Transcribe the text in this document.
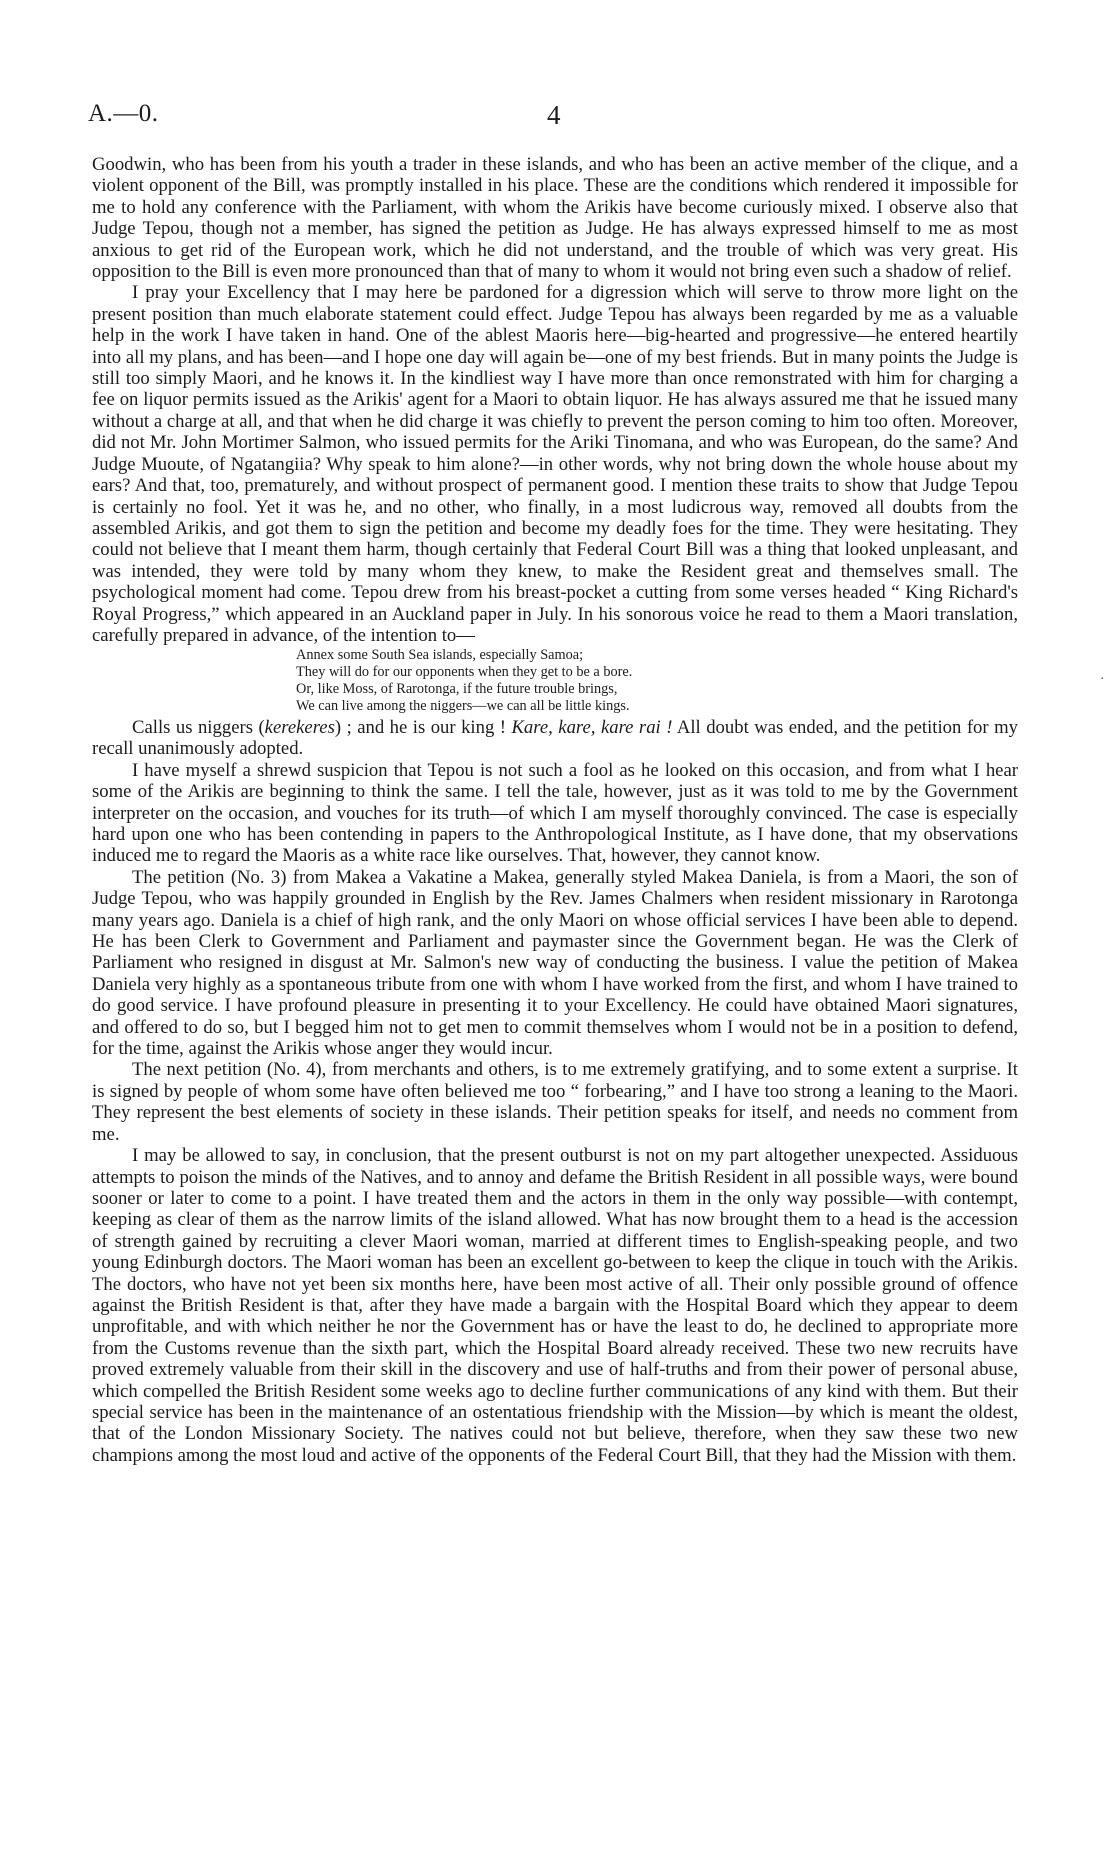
A.—0.	4

Goodwin, who has been from his youth a trader in these islands, and who has been an active member of the clique, and a violent opponent of the Bill, was promptly installed in his place. These are the conditions which rendered it impossible for me to hold any conference with the Parliament, with whom the Arikis have become curiously mixed. I observe also that Judge Tepou, though not a member, has signed the petition as Judge. He has always expressed himself to me as most anxious to get rid of the European work, which he did not understand, and the trouble of which was very great. His opposition to the Bill is even more pronounced than that of many to whom it would not bring even such a shadow of relief.

I pray your Excellency that I may here be pardoned for a digression which will serve to throw more light on the present position than much elaborate statement could effect. Judge Tepou has always been regarded by me as a valuable help in the work I have taken in hand. One of the ablest Maoris here—big-hearted and progressive—he entered heartily into all my plans, and has been—and I hope one day will again be—one of my best friends. But in many points the Judge is still too simply Maori, and he knows it. In the kindliest way I have more than once remonstrated with him for charging a fee on liquor permits issued as the Arikis' agent for a Maori to obtain liquor. He has always assured me that he issued many without a charge at all, and that when he did charge it was chiefly to prevent the person coming to him too often. Moreover, did not Mr. John Mortimer Salmon, who issued permits for the Ariki Tinomana, and who was European, do the same? And Judge Muoute, of Ngatangiia? Why speak to him alone?—in other words, why not bring down the whole house about my ears? And that, too, prematurely, and without prospect of permanent good. I mention these traits to show that Judge Tepou is certainly no fool. Yet it was he, and no other, who finally, in a most ludicrous way, removed all doubts from the assembled Arikis, and got them to sign the petition and become my deadly foes for the time. They were hesitating. They could not believe that I meant them harm, though certainly that Federal Court Bill was a thing that looked unpleasant, and was intended, they were told by many whom they knew, to make the Resident great and themselves small. The psychological moment had come. Tepou drew from his breast-pocket a cutting from some verses headed “ King Richard's Royal Progress,” which appeared in an Auckland paper in July. In his sonorous voice he read to them a Maori translation, carefully prepared in advance, of the intention to—

Annex some South Sea islands, especially Samoa;
They will do for our opponents when they get to be a bore.
Or, like Moss, of Rarotonga, if the future trouble brings,
We can live among the niggers—we can all be little kings.

Calls us niggers (kerekeres) ; and he is our king ! Kare, kare, kare rai ! All doubt was ended, and the petition for my recall unanimously adopted.

I have myself a shrewd suspicion that Tepou is not such a fool as he looked on this occasion, and from what I hear some of the Arikis are beginning to think the same. I tell the tale, however, just as it was told to me by the Government interpreter on the occasion, and vouches for its truth—of which I am myself thoroughly convinced. The case is especially hard upon one who has been contending in papers to the Anthropological Institute, as I have done, that my observations induced me to regard the Maoris as a white race like ourselves. That, however, they cannot know.

The petition (No. 3) from Makea a Vakatine a Makea, generally styled Makea Daniela, is from a Maori, the son of Judge Tepou, who was happily grounded in English by the Rev. James Chalmers when resident missionary in Rarotonga many years ago. Daniela is a chief of high rank, and the only Maori on whose official services I have been able to depend. He has been Clerk to Government and Parliament and paymaster since the Government began. He was the Clerk of Parliament who resigned in disgust at Mr. Salmon's new way of conducting the business. I value the petition of Makea Daniela very highly as a spontaneous tribute from one with whom I have worked from the first, and whom I have trained to do good service. I have profound pleasure in presenting it to your Excellency. He could have obtained Maori signatures, and offered to do so, but I begged him not to get men to commit themselves whom I would not be in a position to defend, for the time, against the Arikis whose anger they would incur.

The next petition (No. 4), from merchants and others, is to me extremely gratifying, and to some extent a surprise. It is signed by people of whom some have often believed me too “ forbearing,” and I have too strong a leaning to the Maori. They represent the best elements of society in these islands. Their petition speaks for itself, and needs no comment from me.

I may be allowed to say, in conclusion, that the present outburst is not on my part altogether unexpected. Assiduous attempts to poison the minds of the Natives, and to annoy and defame the British Resident in all possible ways, were bound sooner or later to come to a point. I have treated them and the actors in them in the only way possible—with contempt, keeping as clear of them as the narrow limits of the island allowed. What has now brought them to a head is the accession of strength gained by recruiting a clever Maori woman, married at different times to English-speaking people, and two young Edinburgh doctors. The Maori woman has been an excellent go-between to keep the clique in touch with the Arikis. The doctors, who have not yet been six months here, have been most active of all. Their only possible ground of offence against the British Resident is that, after they have made a bargain with the Hospital Board which they appear to deem unprofitable, and with which neither he nor the Government has or have the least to do, he declined to appropriate more from the Customs revenue than the sixth part, which the Hospital Board already received. These two new recruits have proved extremely valuable from their skill in the discovery and use of half-truths and from their power of personal abuse, which compelled the British Resident some weeks ago to decline further communications of any kind with them. But their special service has been in the maintenance of an ostentatious friendship with the Mission—by which is meant the oldest, that of the London Missionary Society. The natives could not but believe, therefore, when they saw these two new champions among the most loud and active of the opponents of the Federal Court Bill, that they had the Mission with them.

·
